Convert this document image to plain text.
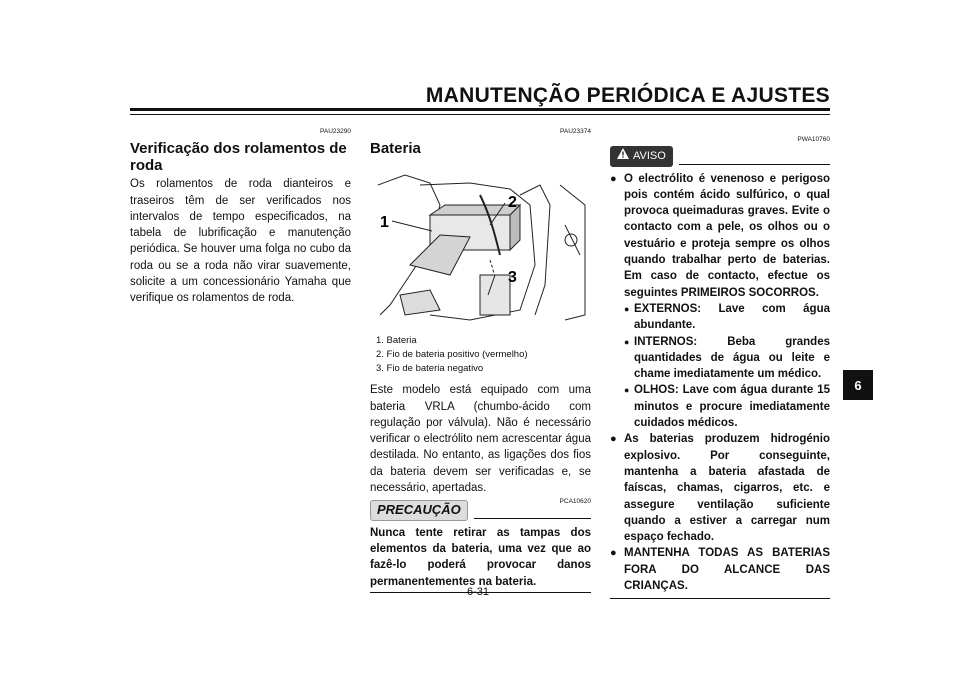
MANUTENÇÃO PERIÓDICA E AJUSTES
PAU23290
Verificação dos rolamentos de roda

Os rolamentos de roda dianteiros e traseiros têm de ser verificados nos intervalos de tempo especificados, na tabela de lubrificação e manutenção periódica. Se houver uma folga no cubo da roda ou se a roda não virar suavemente, solicite a um concessionário Yamaha que verifique os rolamentos de roda.

PAU23374
Bateria
1
2
3
1. Bateria
2. Fio de bateria positivo (vermelho)
3. Fio de bateria negativo

Este modelo está equipado com uma bateria VRLA (chumbo-ácido com regulação por válvula). Não é necessário verificar o electrólito nem acrescentar água destilada. No entanto, as ligações dos fios da bateria devem ser verificadas e, se necessário, apertadas.

PRECAUÇÃO
PCA10620

Nunca tente retirar as tampas dos elementos da bateria, uma vez que ao fazê-lo poderá provocar danos permanentementes na bateria.

PWA10760
AVISO
● O electrólito é venenoso e perigoso pois contém ácido sulfúrico, o qual provoca queimaduras graves. Evite o contacto com a pele, os olhos ou o vestuário e proteja sempre os olhos quando trabalhar perto de baterias. Em caso de contacto, efectue os seguintes PRIMEIROS SOCORROS.
● EXTERNOS: Lave com água abundante.
● INTERNOS: Beba grandes quantidades de água ou leite e chame imediatamente um médico.
● OLHOS: Lave com água durante 15 minutos e procure imediatamente cuidados médicos.
● As baterias produzem hidrogénio explosivo. Por conseguinte, mantenha a bateria afastada de faíscas, chamas, cigarros, etc. e assegure ventilação suficiente quando a estiver a carregar num espaço fechado.
● MANTENHA TODAS AS BATERIAS FORA DO ALCANCE DAS CRIANÇAS.
6
6-31
